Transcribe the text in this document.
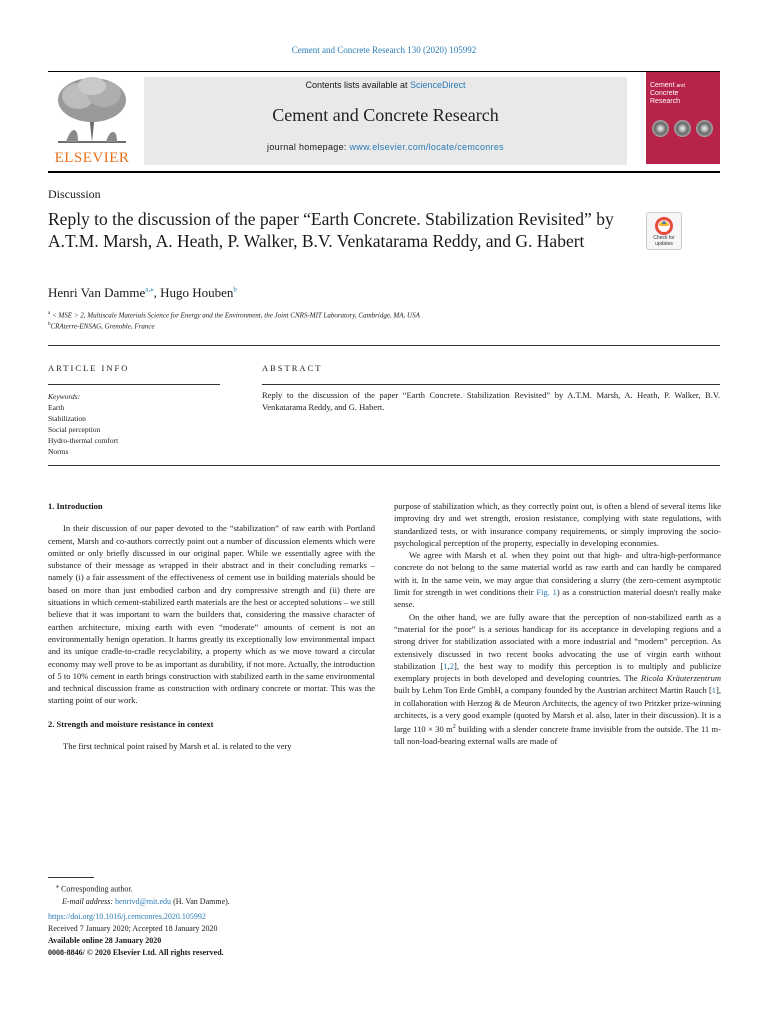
Cement and Concrete Research 130 (2020) 105992
ELSEVIER
Contents lists available at ScienceDirect
Cement and Concrete Research
journal homepage: www.elsevier.com/locate/cemconres
Cement and
Concrete
Research
Discussion
Reply to the discussion of the paper “Earth Concrete. Stabilization Revisited” by A.T.M. Marsh, A. Heath, P. Walker, B.V. Venkatarama Reddy, and G. Habert	Check for
updates
Henri Van Damme$^{a,⁎}$, Hugo Houben$^b$
$^a$ < MSE > 2, Multiscale Materials Science for Energy and the Environment, the Joint CNRS-MIT Laboratory, Cambridge, MA, USA
$^b$CRAterre-ENSAG, Grenoble, France
ARTICLE INFO	ABSTRACT
Keywords:
Earth
Stabilization
Social perception
Hydro-thermal comfort
Norms
Reply to the discussion of the paper “Earth Concrete. Stabilization Revisited” by A.T.M. Marsh, A. Heath, P. Walker, B.V. Venkatarama Reddy, and G. Habert.
1. Introduction

In their discussion of our paper devoted to the “stabilization” of raw earth with Portland cement, Marsh and co-authors correctly point out a number of discussion elements which were omitted or only briefly discussed in our original paper. While we essentially agree with the substance of their message as wrapped in their abstract and in their concluding remarks – namely (i) a fair assessment of the effectiveness of cement use in building materials should be based on more than just embodied carbon and dry compressive strength and (ii) there are situations in which cement-stabilized earth materials are the best or accepted solutions – we still believe that it was important to warn the builders that, considering the massive character of earthen architecture, mixing earth with even “moderate” amounts of cement is not an environmentally benign operation. It harms greatly its exceptionally low environmental impact and its unique cradle-to-cradle recyclability, a property which as we move toward a circular economy may well prove to be as important as durability, if not more. Actually, the introduction of 5 to 10% cement in earth brings construction with stabilized earth in the same environmental and technical discussion frame as construction with ordinary concrete or mortar. This was the starting point of our work.

2. Strength and moisture resistance in context

The first technical point raised by Marsh et al. is related to the very

purpose of stabilization which, as they correctly point out, is often a blend of several items like improving dry and wet strength, erosion resistance, complying with state regulations, with standardized tests, or with insurance company requirements, or simply improving the socio-psychological perception of the property, especially in developing economies.

We agree with Marsh et al. when they point out that high- and ultra-high-performance concrete do not belong to the same material world as raw earth and can hardly be compared with it. In the same vein, we may argue that considering a slurry (the zero-cement asymptotic limit for strength in wet conditions their Fig. 1) as a construction material doesn't really make sense.

On the other hand, we are fully aware that the perception of non-stabilized earth as a “material for the poor” is a serious handicap for its acceptance in developing regions and a strong driver for stabilization associated with a more industrial and “modern” perception. As extensively discussed in two recent books advocating the use of virgin earth without stabilization [1,2], the best way to modify this perception is to multiply and publicize exemplary projects in both developed and developing countries. The Ricola Kräuterzentrum built by Lehm Ton Erde GmbH, a company founded by the Austrian architect Martin Rauch [1], in collaboration with Herzog & de Meuron Architects, the agency of two Pritzker prize-winning architects, is a very good example (quoted by Marsh et al. also, later in their discussion). It is a large 110 × 30 $m^2$ building with a slender concrete frame invisible from the outside. The 11 m-tall non-load-bearing external walls are made of

⁎ Corresponding author.
E-mail address: henrivd@mit.edu (H. Van Damme).
https://doi.org/10.1016/j.cemconres.2020.105992
Received 7 January 2020; Accepted 18 January 2020
Available online 28 January 2020
0008-8846/ © 2020 Elsevier Ltd. All rights reserved.
